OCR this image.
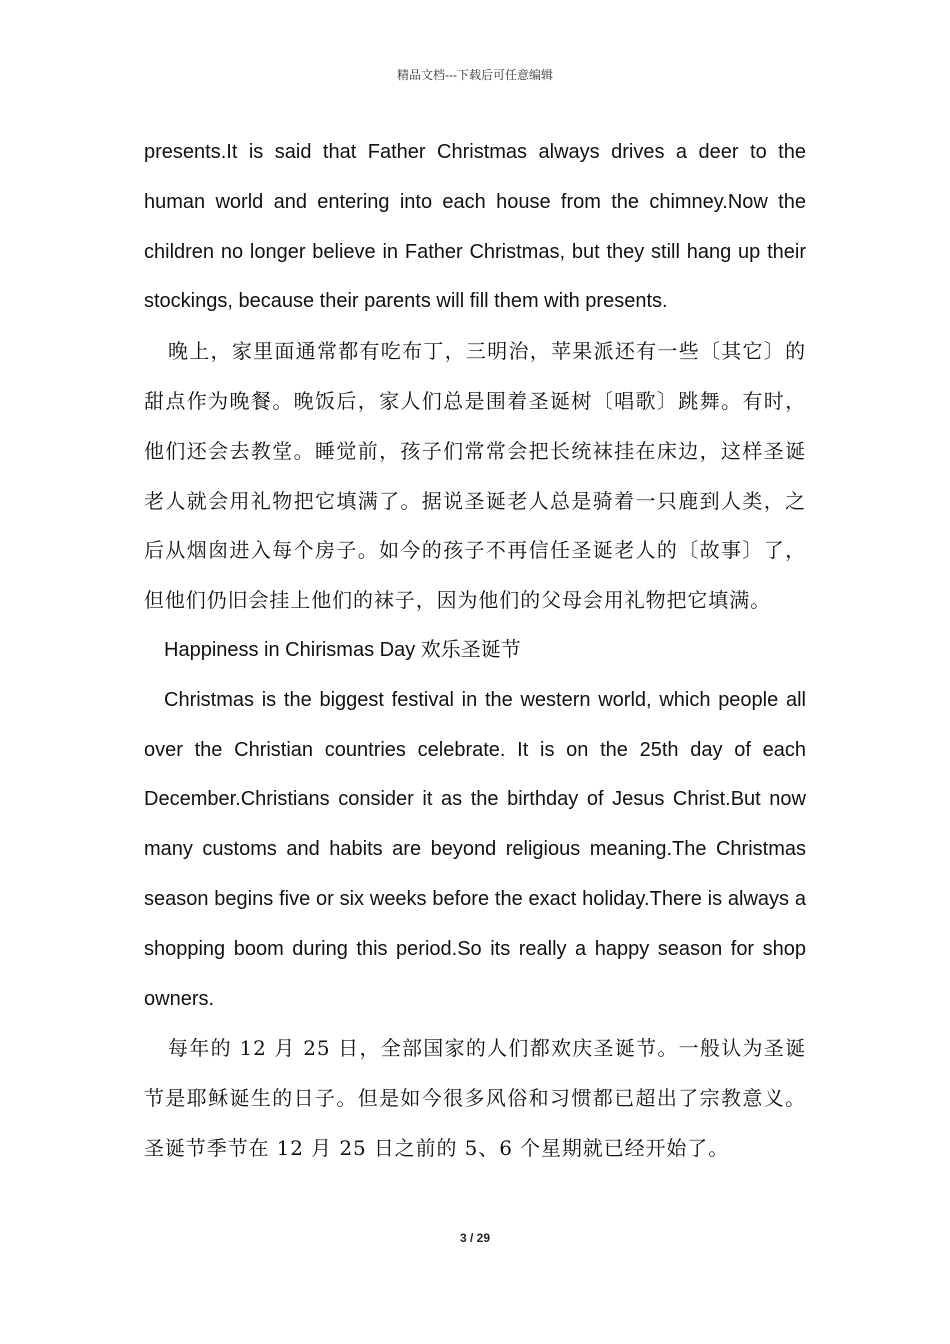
精品文档---下载后可任意编辑

presents.It is said that Father Christmas always drives a deer to the human world and entering into each house from the chimney.Now the children no longer believe in Father Christmas, but they still hang up their stockings, because their parents will fill them with presents.

晚上，家里面通常都有吃布丁，三明治，苹果派还有一些〔其它〕的甜点作为晚餐。晚饭后，家人们总是围着圣诞树〔唱歌〕跳舞。有时，他们还会去教堂。睡觉前，孩子们常常会把长统袜挂在床边，这样圣诞老人就会用礼物把它填满了。据说圣诞老人总是骑着一只鹿到人类，之后从烟囱进入每个房子。如今的孩子不再信任圣诞老人的〔故事〕了，但他们仍旧会挂上他们的袜子，因为他们的父母会用礼物把它填满。

Happiness in Chirismas Day 欢乐圣诞节

Christmas is the biggest festival in the western world, which people all over the Christian countries celebrate. It is on the 25th day of each December.Christians consider it as the birthday of Jesus Christ.But now many customs and habits are beyond religious meaning.The Christmas season begins five or six weeks before the exact holiday.There is always a shopping boom during this period.So its really a happy season for shop owners.

每年的 12 月 25 日，全部国家的人们都欢庆圣诞节。一般认为圣诞节是耶稣诞生的日子。但是如今很多风俗和习惯都已超出了宗教意义。圣诞节季节在 12 月 25 日之前的 5、6 个星期就已经开始了。

3 / 29
